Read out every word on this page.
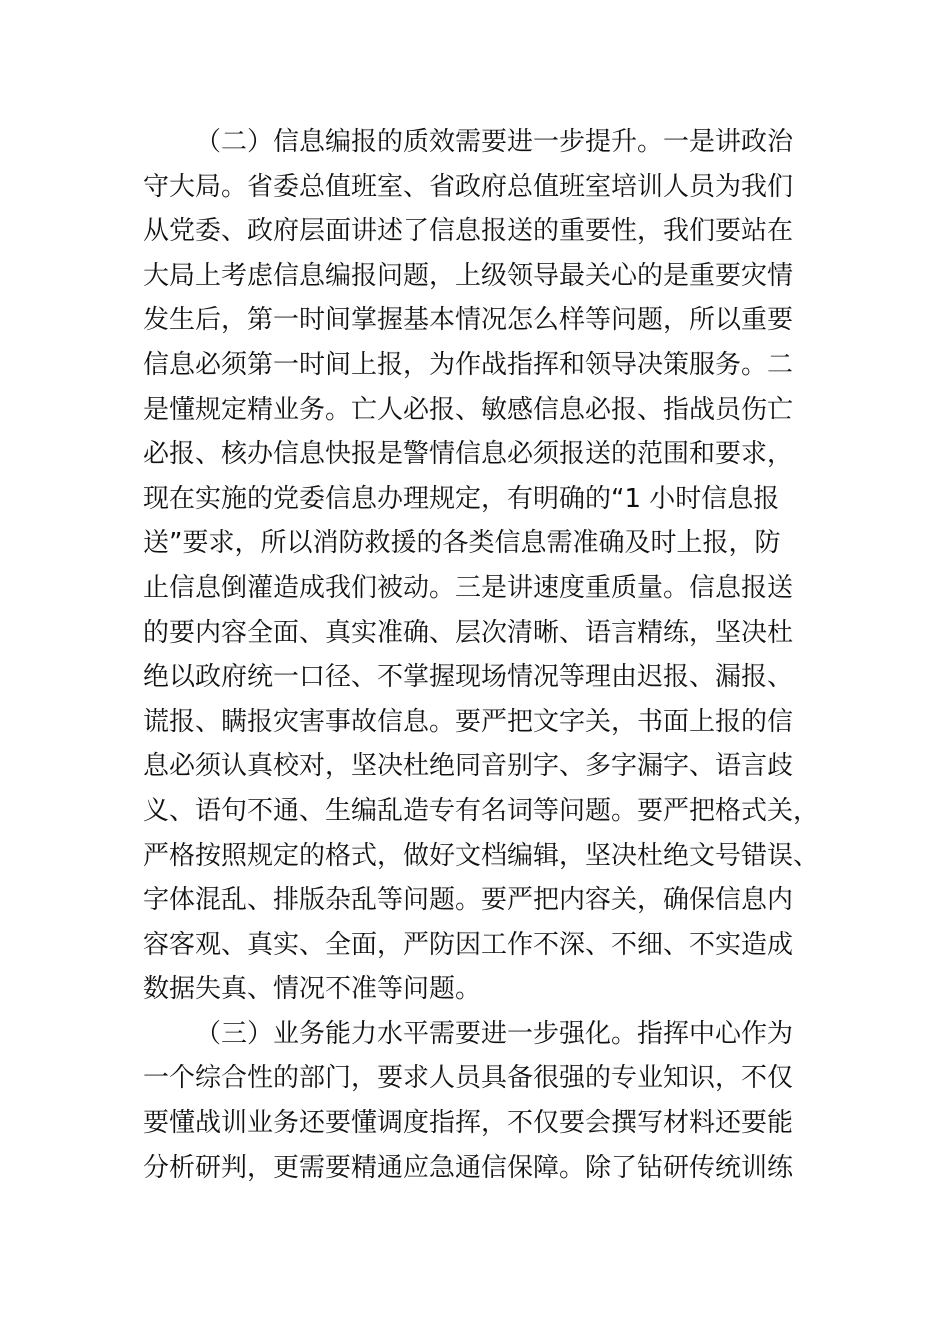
（二）信息编报的质效需要进一步提升。一是讲政治
守大局。省委总值班室、省政府总值班室培训人员为我们
从党委、政府层面讲述了信息报送的重要性，我们要站在
大局上考虑信息编报问题，上级领导最关心的是重要灾情
发生后，第一时间掌握基本情况怎么样等问题，所以重要
信息必须第一时间上报，为作战指挥和领导决策服务。二
是懂规定精业务。亡人必报、敏感信息必报、指战员伤亡
必报、核办信息快报是警情信息必须报送的范围和要求，
现在实施的党委信息办理规定，有明确的“1 小时信息报
送”要求，所以消防救援的各类信息需准确及时上报，防
止信息倒灌造成我们被动。三是讲速度重质量。信息报送
的要内容全面、真实准确、层次清晰、语言精练，坚决杜
绝以政府统一口径、不掌握现场情况等理由迟报、漏报、
谎报、瞒报灾害事故信息。要严把文字关，书面上报的信
息必须认真校对，坚决杜绝同音别字、多字漏字、语言歧
义、语句不通、生编乱造专有名词等问题。要严把格式关，
严格按照规定的格式，做好文档编辑，坚决杜绝文号错误、
字体混乱、排版杂乱等问题。要严把内容关，确保信息内
容客观、真实、全面，严防因工作不深、不细、不实造成
数据失真、情况不准等问题。
（三）业务能力水平需要进一步强化。指挥中心作为
一个综合性的部门，要求人员具备很强的专业知识，不仅
要懂战训业务还要懂调度指挥，不仅要会撰写材料还要能
分析研判，更需要精通应急通信保障。除了钻研传统训练
